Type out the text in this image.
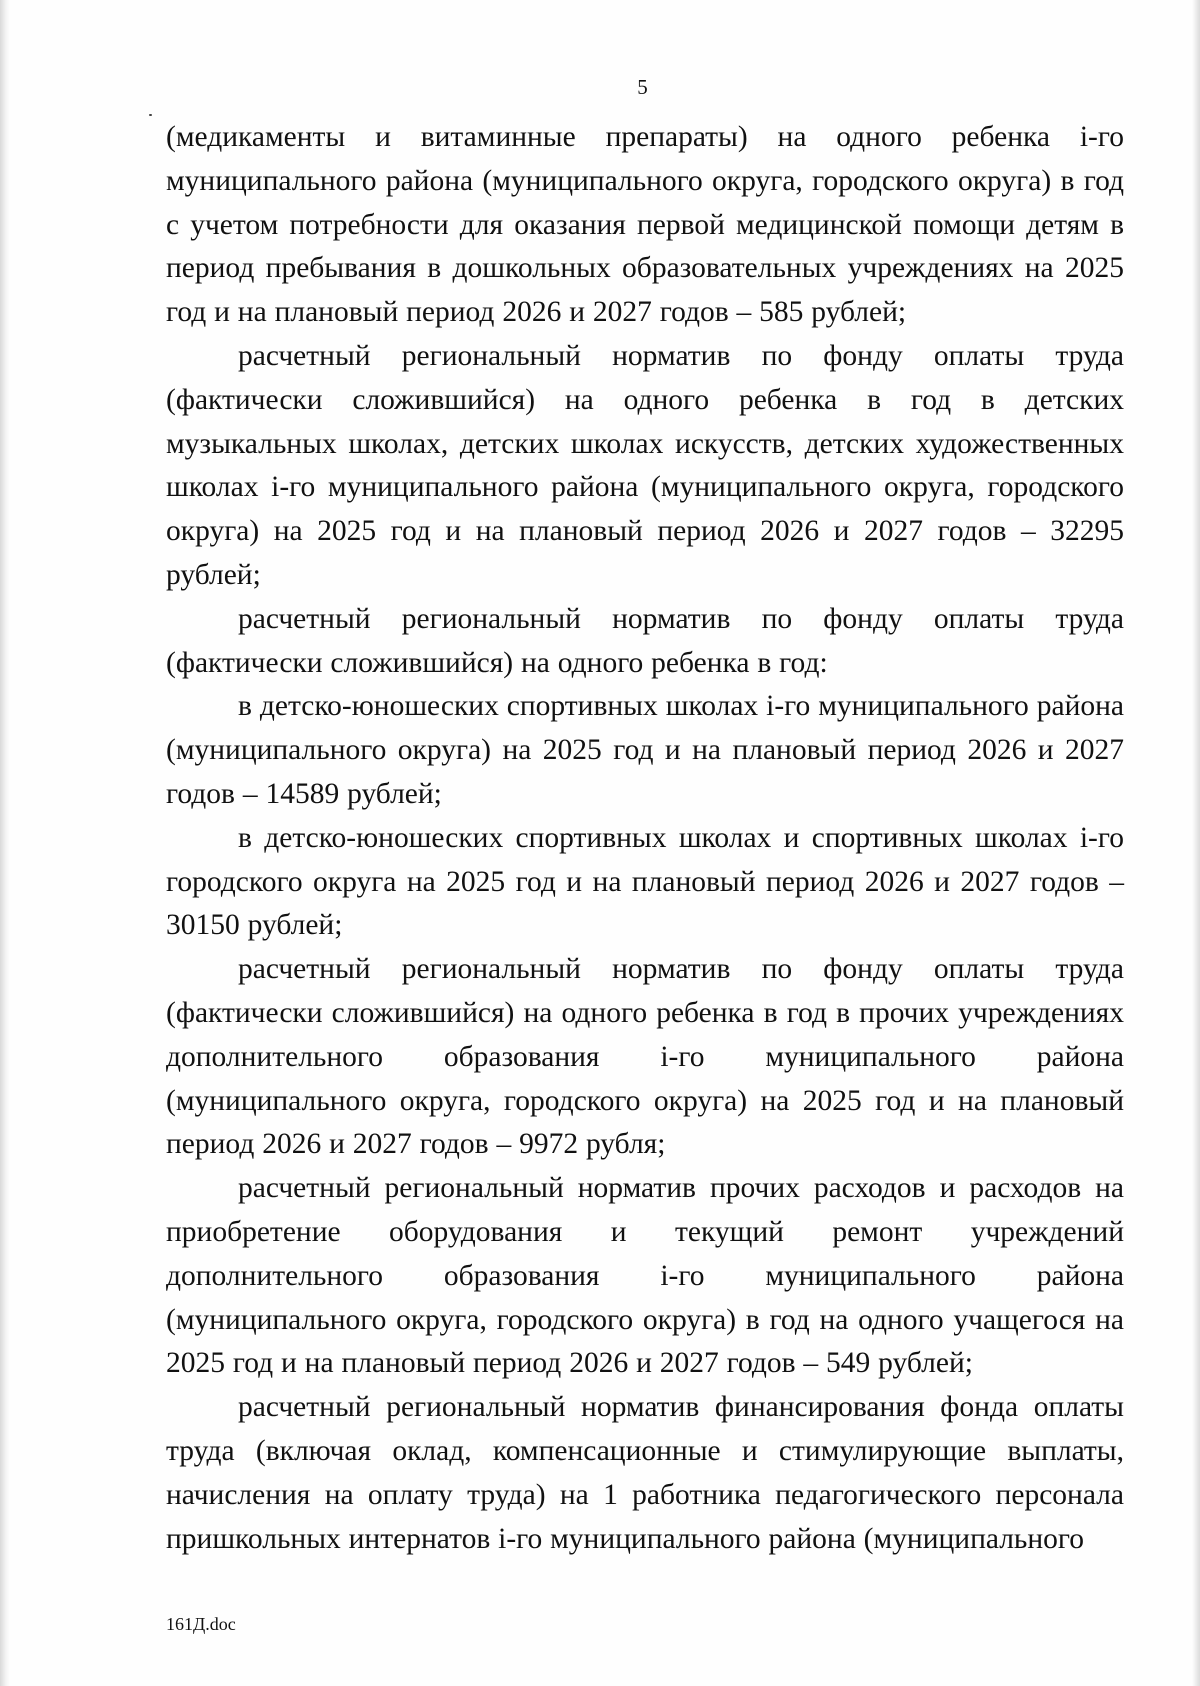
5

(медикаменты и витаминные препараты) на одного ребенка i-го муниципального района (муниципального округа, городского округа) в год с учетом потребности для оказания первой медицинской помощи детям в период пребывания в дошкольных образовательных учреждениях на 2025 год и на плановый период 2026 и 2027 годов – 585 рублей;

расчетный региональный норматив по фонду оплаты труда (фактически сложившийся) на одного ребенка в год в детских музыкальных школах, детских школах искусств, детских художественных школах i-го муниципального района (муниципального округа, городского округа) на 2025 год и на плановый период 2026 и 2027 годов – 32295 рублей;

расчетный региональный норматив по фонду оплаты труда (фактически сложившийся) на одного ребенка в год:

в детско-юношеских спортивных школах i-го муниципального района (муниципального округа) на 2025 год и на плановый период 2026 и 2027 годов – 14589 рублей;

в детско-юношеских спортивных школах и спортивных школах i-го городского округа на 2025 год и на плановый период 2026 и 2027 годов – 30150 рублей;

расчетный региональный норматив по фонду оплаты труда (фактически сложившийся) на одного ребенка в год в прочих учреждениях дополнительного образования i-го муниципального района (муниципального округа, городского округа) на 2025 год и на плановый период 2026 и 2027 годов – 9972 рубля;

расчетный региональный норматив прочих расходов и расходов на приобретение оборудования и текущий ремонт учреждений дополнительного образования i-го муниципального района (муниципального округа, городского округа) в год на одного учащегося на 2025 год и на плановый период 2026 и 2027 годов – 549 рублей;

расчетный региональный норматив финансирования фонда оплаты труда (включая оклад, компенсационные и стимулирующие выплаты, начисления на оплату труда) на 1 работника педагогического персонала пришкольных интернатов i-го муниципального района (муниципального

161Д.doc
